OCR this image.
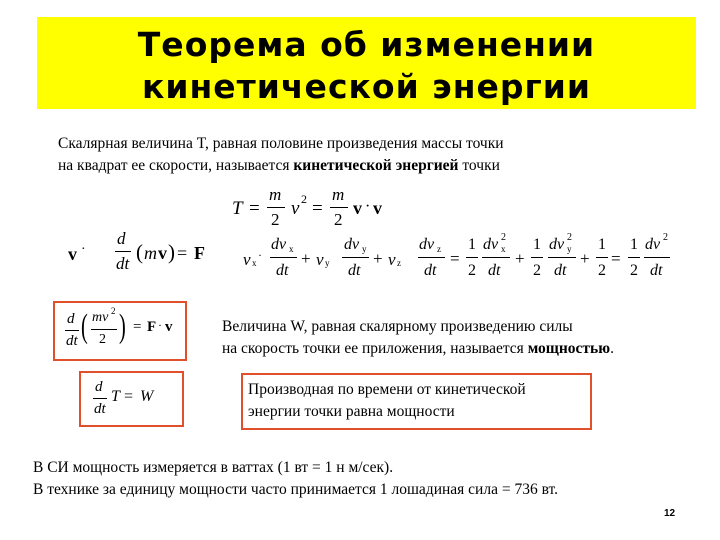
Теорема об изменении
кинетической энергии
Скалярная величина T, равная половине произведения массы точки
на квадрат ее скорости, называется кинетической энергией точки
T =
m
2
v 2 =
m
2
v · v
v ·
d
dt ( m v ) = F v x
·
dv x
dt
+ v y
dv y
dt
+ v z
dv z
dt
=
1
2
dv 2
x
dt
+
1
2
dv 2
y
dt
+
1
2
=
1
2
dv 2
dt
d
dt ( mv 2
2 ) = F · v
d
dt
T = W
Величина W, равная скалярному произведению силы
на скорость точки ее приложения, называется мощностью.
Производная по времени от кинетической
энергии точки равна мощности
В СИ мощность измеряется в ваттах (1 вт = 1 н м/сек).
В технике за единицу мощности часто принимается 1 лошадиная сила = 736 вт.
12
